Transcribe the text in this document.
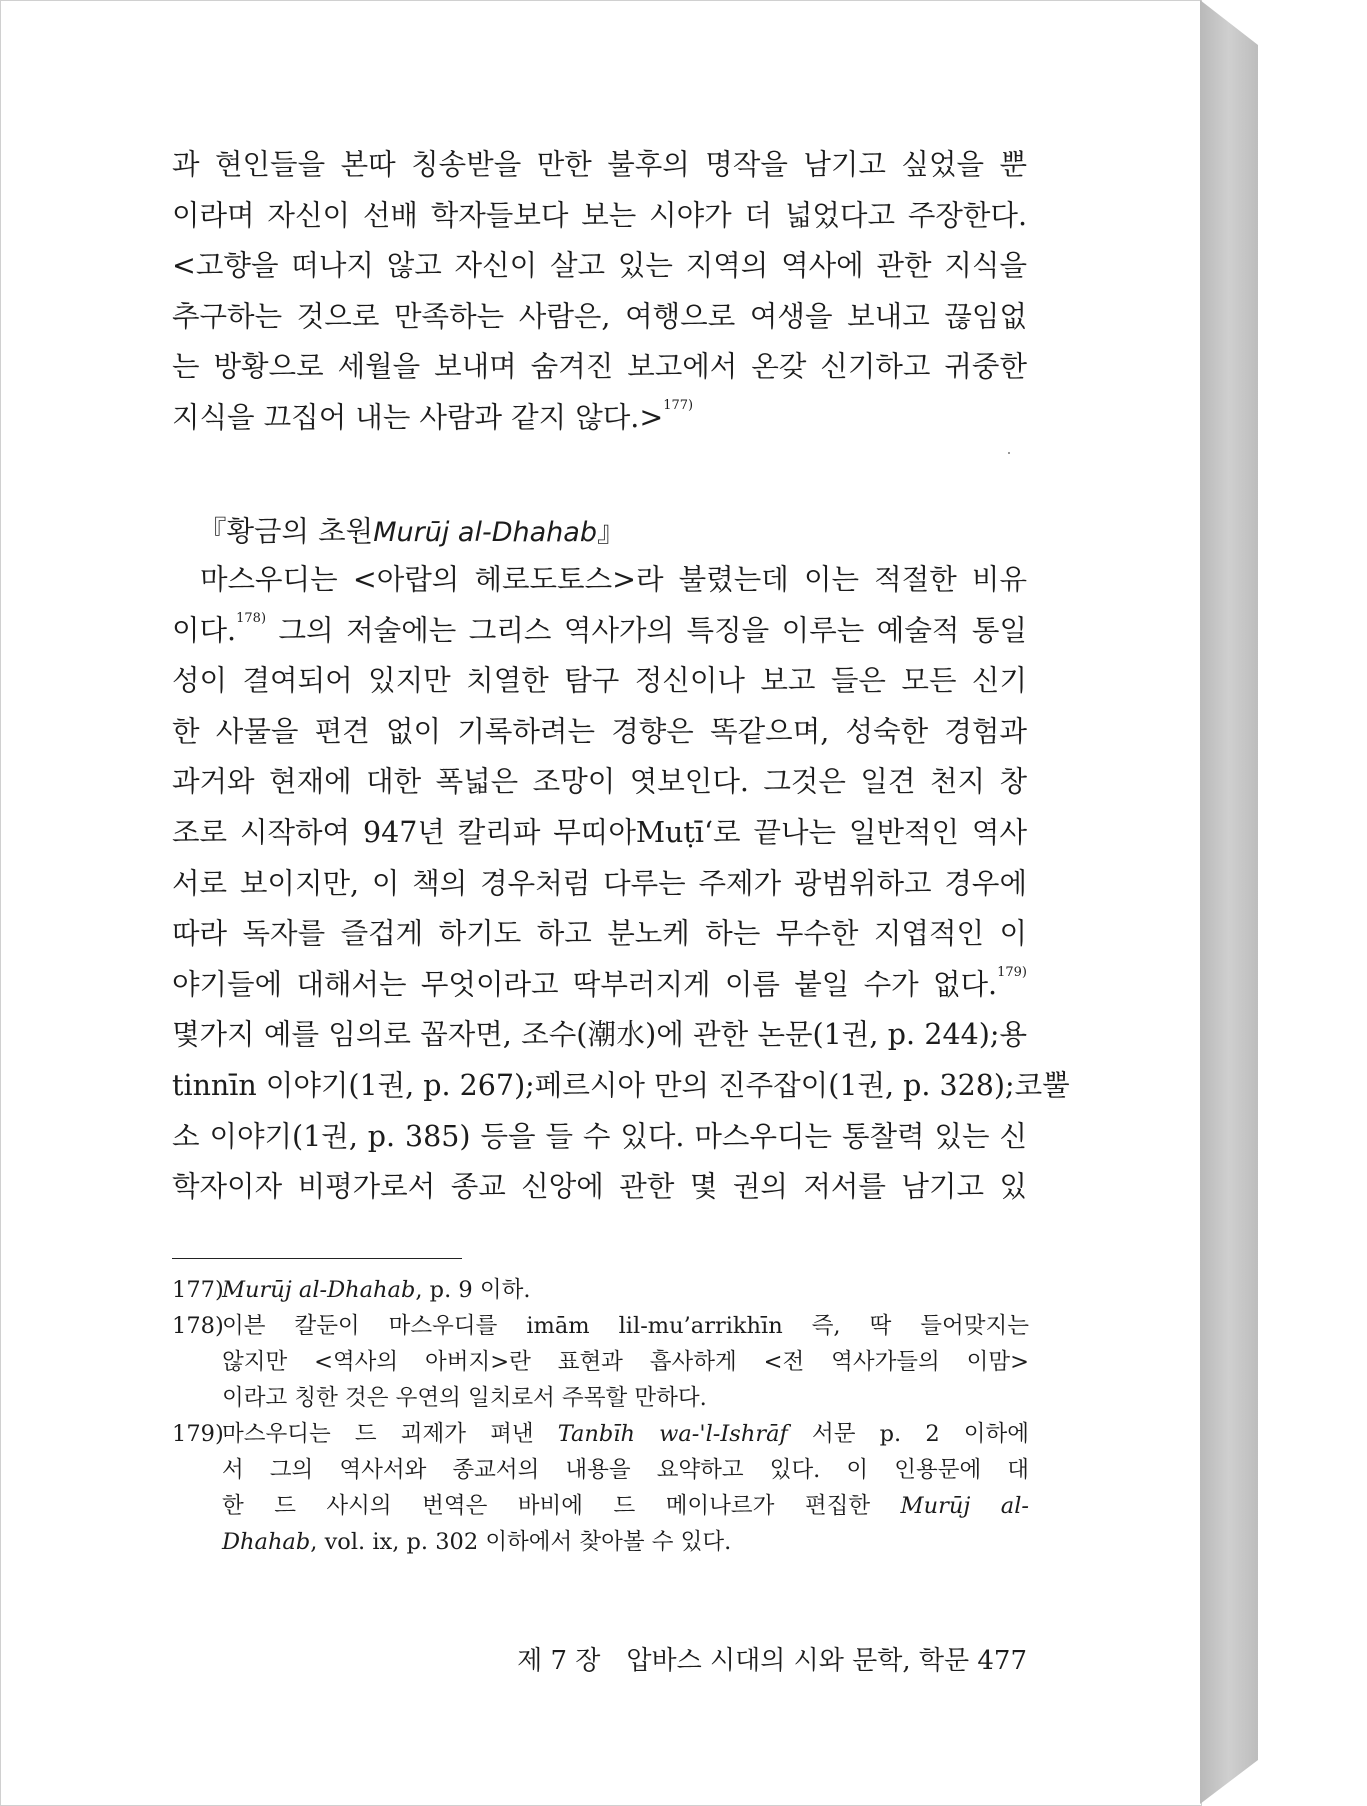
과 현인들을 본따 칭송받을 만한 불후의 명작을 남기고 싶었을 뿐
이라며 자신이 선배 학자들보다 보는 시야가 더 넓었다고 주장한다.
<고향을 떠나지 않고 자신이 살고 있는 지역의 역사에 관한 지식을
추구하는 것으로 만족하는 사람은, 여행으로 여생을 보내고 끊임없
는 방황으로 세월을 보내며 숨겨진 보고에서 온갖 신기하고 귀중한
지식을 끄집어 내는 사람과 같지 않다.>$^{177)}$
『황금의 초원Murūj al-Dhahab』
마스우디는 <아랍의 헤로도토스>라 불렸는데 이는 적절한 비유
이다.$^{178)}$ 그의 저술에는 그리스 역사가의 특징을 이루는 예술적 통일
성이 결여되어 있지만 치열한 탐구 정신이나 보고 들은 모든 신기
한 사물을 편견 없이 기록하려는 경향은 똑같으며, 성숙한 경험과
과거와 현재에 대한 폭넓은 조망이 엿보인다. 그것은 일견 천지 창
조로 시작하여 947년 칼리파 무띠아Muṭī‘로 끝나는 일반적인 역사
서로 보이지만, 이 책의 경우처럼 다루는 주제가 광범위하고 경우에
따라 독자를 즐겁게 하기도 하고 분노케 하는 무수한 지엽적인 이
야기들에 대해서는 무엇이라고 딱부러지게 이름 붙일 수가 없다.$^{179)}$
몇가지 예를 임의로 꼽자면, 조수(潮水)에 관한 논문(1권, p. 244);용
tinnīn 이야기(1권, p. 267);페르시아 만의 진주잡이(1권, p. 328);코뿔
소 이야기(1권, p. 385) 등을 들 수 있다. 마스우디는 통찰력 있는 신
학자이자 비평가로서 종교 신앙에 관한 몇 권의 저서를 남기고 있
177)Murūj al-Dhahab, p. 9 이하.
178)이븐 칼둔이 마스우디를 imām lil-mu’arrikhīn 즉, 딱 들어맞지는
않지만 <역사의 아버지>란 표현과 흡사하게 <전 역사가들의 이맘>
이라고 칭한 것은 우연의 일치로서 주목할 만하다.
179)마스우디는 드 괴제가 펴낸 Tanbīh wa-'l-Ishrāf 서문 p. 2 이하에
서 그의 역사서와 종교서의 내용을 요약하고 있다. 이 인용문에 대
한 드 사시의 번역은 바비에 드 메이나르가 편집한 Murūj al-
Dhahab, vol. ix, p. 302 이하에서 찾아볼 수 있다.
제 7 장 압바스 시대의 시와 문학, 학문 477
